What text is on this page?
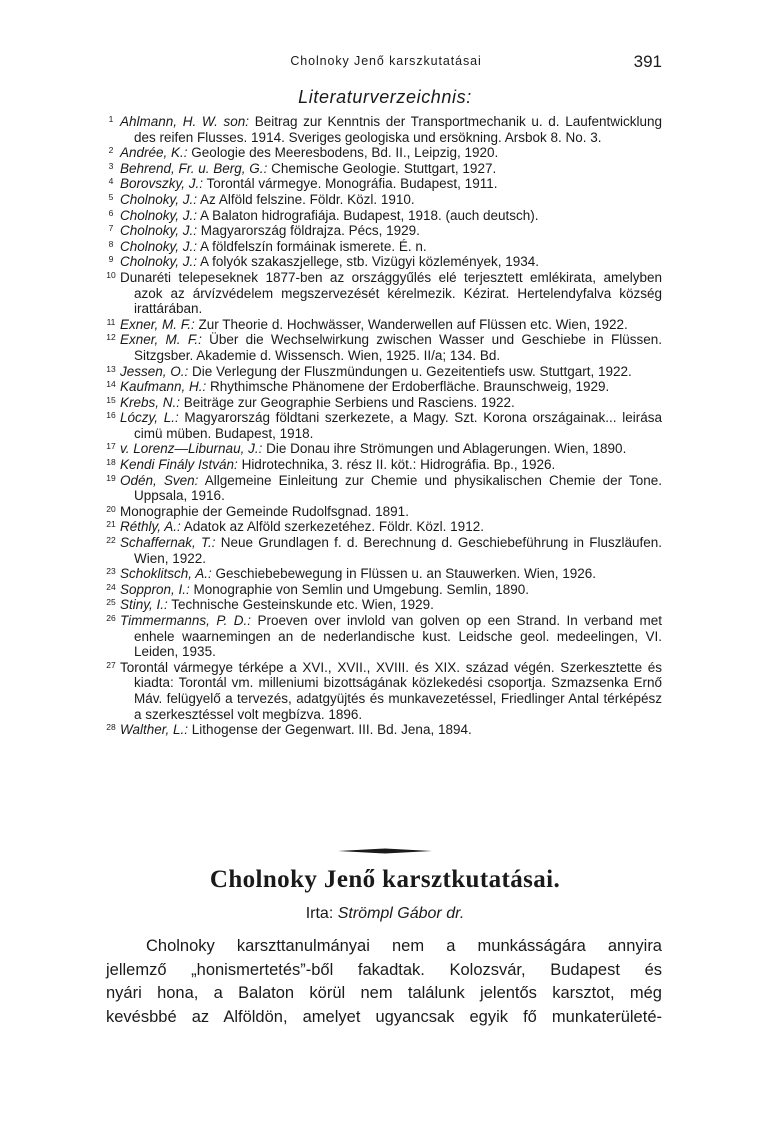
Cholnoky Jenő karszkutatásai	391
Literaturverzeichnis:
1 Ahlmann, H. W. son: Beitrag zur Kenntnis der Transportmechanik u. d. Laufentwicklung des reifen Flusses. 1914. Sveriges geologiska und ersökning. Arsbok 8. No. 3.
2 Andrée, K.: Geologie des Meeresbodens, Bd. II., Leipzig, 1920.
3 Behrend, Fr. u. Berg, G.: Chemische Geologie. Stuttgart, 1927.
4 Borovszky, J.: Torontál vármegye. Monográfia. Budapest, 1911.
5 Cholnoky, J.: Az Alföld felszine. Földr. Közl. 1910.
6 Cholnoky, J.: A Balaton hidrografiája. Budapest, 1918. (auch deutsch).
7 Cholnoky, J.: Magyarország földrajza. Pécs, 1929.
8 Cholnoky, J.: A földfelszín formáinak ismerete. É. n.
9 Cholnoky, J.: A folyók szakaszjellege, stb. Vizügyi közlemények, 1934.
10 Dunaréti telepeseknek 1877-ben az országgyűlés elé terjesztett emlékirata, amelyben azok az árvízvédelem megszervezését kérelmezik. Kézirat. Hertelendyfalva község irattárában.
11 Exner, M. F.: Zur Theorie d. Hochwässer, Wanderwellen auf Flüssen etc. Wien, 1922.
12 Exner, M. F.: Über die Wechselwirkung zwischen Wasser und Geschiebe in Flüssen. Sitzgsber. Akademie d. Wissensch. Wien, 1925. II/a; 134. Bd.
13 Jessen, O.: Die Verlegung der Fluszmündungen u. Gezeitentiefs usw. Stuttgart, 1922.
14 Kaufmann, H.: Rhythimsche Phänomene der Erdoberfläche. Braunschweig, 1929.
15 Krebs, N.: Beiträge zur Geographie Serbiens und Rasciens. 1922.
16 Lóczy, L.: Magyarország földtani szerkezete, a Magy. Szt. Korona országainak... leirása cimü müben. Budapest, 1918.
17 v. Lorenz—Liburnau, J.: Die Donau ihre Strömungen und Ablagerungen. Wien, 1890.
18 Kendi Finály István: Hidrotechnika, 3. rész II. köt.: Hidrográfia. Bp., 1926.
19 Odén, Sven: Allgemeine Einleitung zur Chemie und physikalischen Chemie der Tone. Uppsala, 1916.
20 Monographie der Gemeinde Rudolfsgnad. 1891.
21 Réthly, A.: Adatok az Alföld szerkezetéhez. Földr. Közl. 1912.
22 Schaffernak, T.: Neue Grundlagen f. d. Berechnung d. Geschiebeführung in Fluszläufen. Wien, 1922.
23 Schoklitsch, A.: Geschiebebewegung in Flüssen u. an Stauwerken. Wien, 1926.
24 Soppron, I.: Monographie von Semlin und Umgebung. Semlin, 1890.
25 Stiny, I.: Technische Gesteinskunde etc. Wien, 1929.
26 Timmermanns, P. D.: Proeven over invlold van golven op een Strand. In verband met enhele waarnemingen an de nederlandische kust. Leidsche geol. medeelingen, VI. Leiden, 1935.
27 Torontál vármegye térképe a XVI., XVII., XVIII. és XIX. század végén. Szerkesztette és kiadta: Torontál vm. milleniumi bizottságának közlekedési csoportja. Szmazsenka Ernő Máv. felügyelő a tervezés, adatgyüjtés és munkavezetéssel, Friedlinger Antal térképész a szerkesztéssel volt megbízva. 1896.
28 Walther, L.: Lithogense der Gegenwart. III. Bd. Jena, 1894.
Cholnoky Jenő karsztkutatásai.
Irta: Strömpl Gábor dr.
Cholnoky karszttanulmányai nem a munkásságára annyira
jellemző „honismertetés”-ből fakadtak. Kolozsvár, Budapest és
nyári hona, a Balaton körül nem találunk jelentős karsztot, még
kevésbbé az Alföldön, amelyet ugyancsak egyik fő munkaterületé-
